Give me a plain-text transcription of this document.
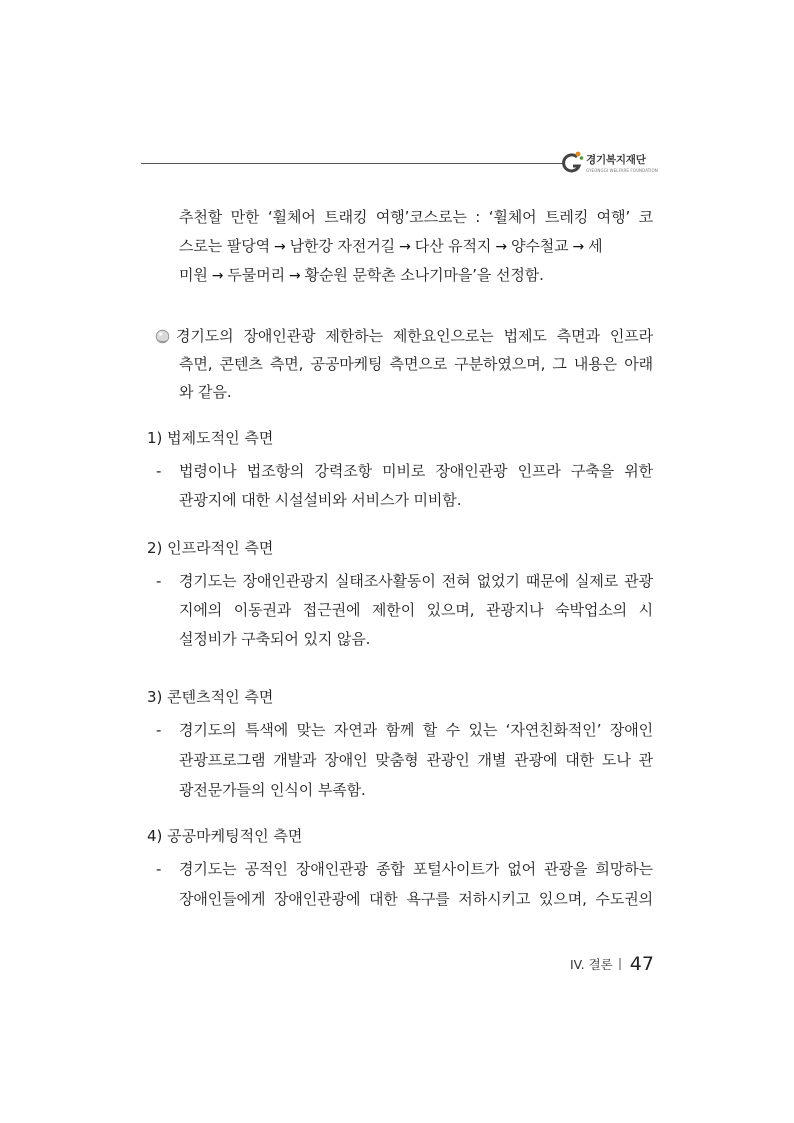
경기복지재단
GYEONGGI WELFARE FOUNDATION
추천할 만한 ‘휠체어 트래킹 여행’코스로는 : ‘휠체어 트레킹 여행’ 코
스로는 팔당역 → 남한강 자전거길 → 다산 유적지 → 양수철교 → 세
미원 → 두물머리 → 황순원 문학촌 소나기마을’을 선정함.
경기도의 장애인관광 제한하는 제한요인으로는 법제도 측면과 인프라
측면, 콘텐츠 측면, 공공마케팅 측면으로 구분하였으며, 그 내용은 아래
와 같음.
1) 법제도적인 측면
- 법령이나 법조항의 강력조항 미비로 장애인관광 인프라 구축을 위한
관광지에 대한 시설설비와 서비스가 미비함.
2) 인프라적인 측면
- 경기도는 장애인관광지 실태조사활동이 전혀 없었기 때문에 실제로 관광
지에의 이동권과 접근권에 제한이 있으며, 관광지나 숙박업소의 시
설정비가 구축되어 있지 않음.
3) 콘텐츠적인 측면
- 경기도의 특색에 맞는 자연과 함께 할 수 있는 ‘자연친화적인’ 장애인
관광프로그램 개발과 장애인 맞춤형 관광인 개별 관광에 대한 도나 관
광전문가들의 인식이 부족함.
4) 공공마케팅적인 측면
- 경기도는 공적인 장애인관광 종합 포털사이트가 없어 관광을 희망하는
장애인들에게 장애인관광에 대한 욕구를 저하시키고 있으며, 수도권의
IV. 결론 47
